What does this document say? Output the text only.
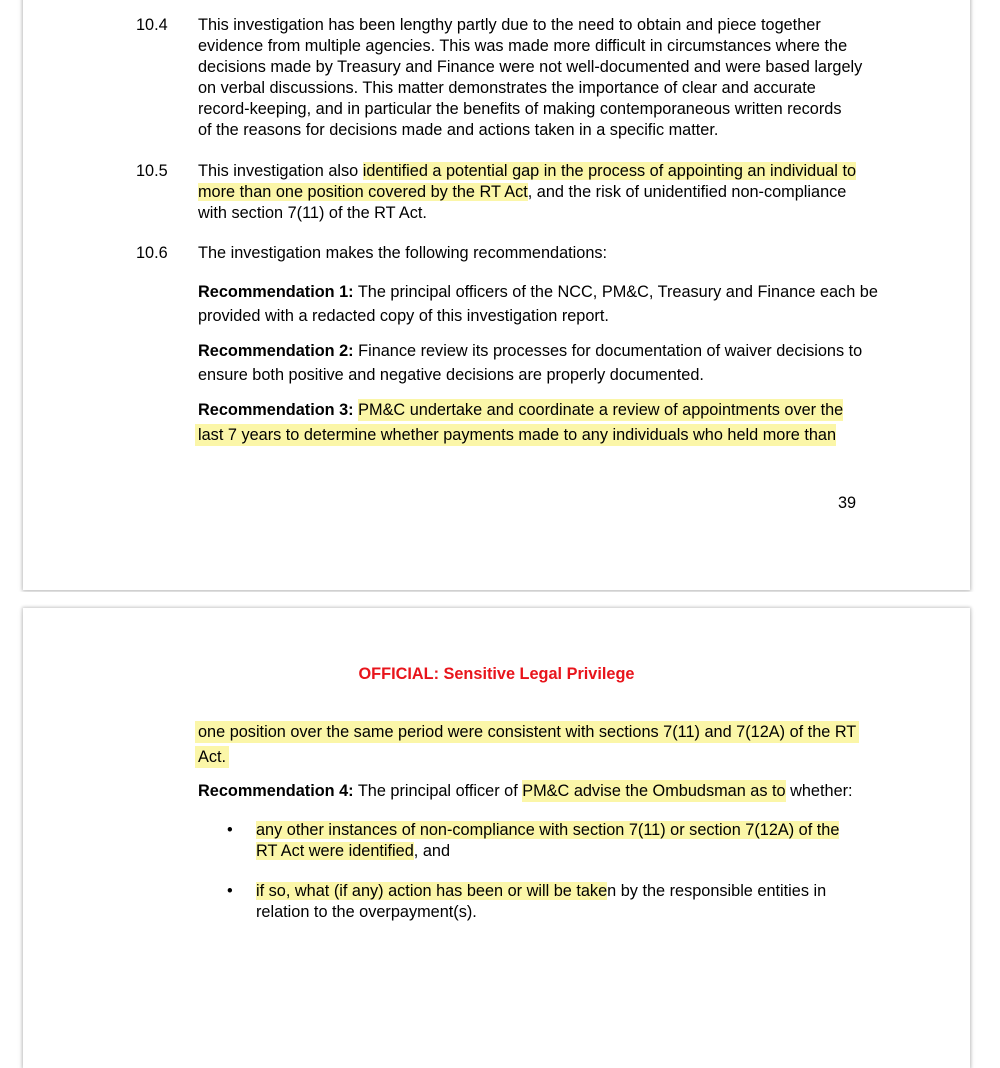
10.4 This investigation has been lengthy partly due to the need to obtain and piece together
evidence from multiple agencies. This was made more difficult in circumstances where the
decisions made by Treasury and Finance were not well-documented and were based largely
on verbal discussions. This matter demonstrates the importance of clear and accurate
record-keeping, and in particular the benefits of making contemporaneous written records
of the reasons for decisions made and actions taken in a specific matter.
10.5 This investigation also identified a potential gap in the process of appointing an individual to
more than one position covered by the RT Act, and the risk of unidentified non-compliance
with section 7(11) of the RT Act.
10.6 The investigation makes the following recommendations:
Recommendation 1: The principal officers of the NCC, PM&C, Treasury and Finance each be
provided with a redacted copy of this investigation report.
Recommendation 2: Finance review its processes for documentation of waiver decisions to
ensure both positive and negative decisions are properly documented.
Recommendation 3: PM&C undertake and coordinate a review of appointments over the
last 7 years to determine whether payments made to any individuals who held more than
39
OFFICIAL: Sensitive Legal Privilege
one position over the same period were consistent with sections 7(11) and 7(12A) of the RT
Act.
Recommendation 4: The principal officer of PM&C advise the Ombudsman as to whether:
• any other instances of non-compliance with section 7(11) or section 7(12A) of the
RT Act were identified, and
• if so, what (if any) action has been or will be taken by the responsible entities in
relation to the overpayment(s).
